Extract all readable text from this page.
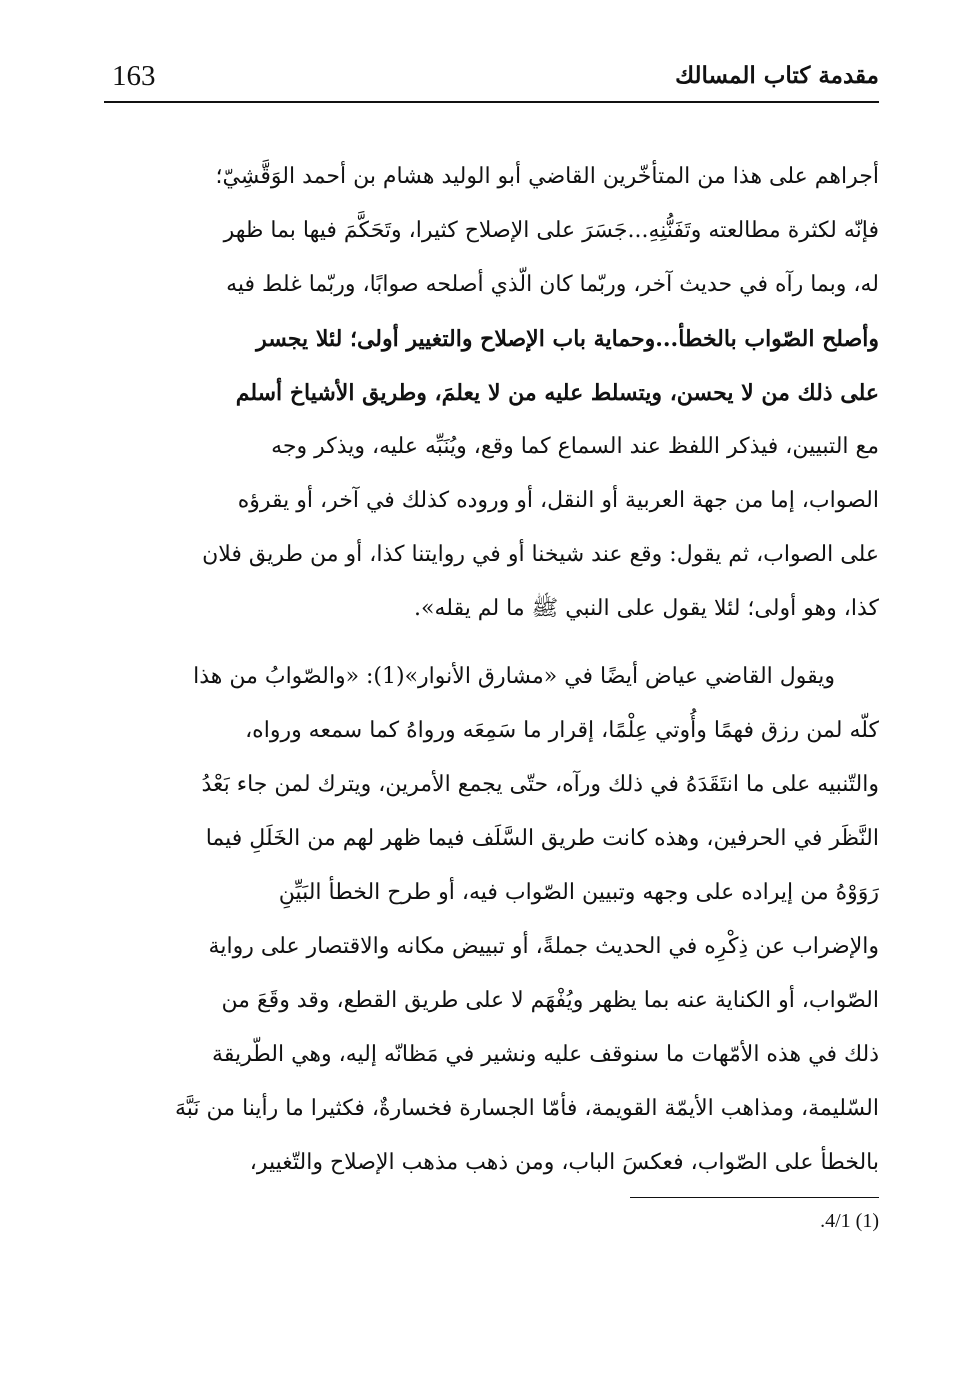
163	مقدمة كتاب المسالك
أجراهم على هذا من المتأخّرين القاضي أبو الوليد هشام بن أحمد الوَقَّشِيّ؛
فإنّه لكثرة مطالعته وتَفَنُّنِهِ...جَسَرَ على الإصلاح كثيرا، وتَحَكَّمَ فيها بما ظهر
له، وبما رآه في حديث آخر، وربّما كان الّذي أصلحه صوابًا، وربّما غلط فيه
وأصلح الصّواب بالخطأ...وحماية باب الإصلاح والتغيير أولى؛ لئلا يجسر
على ذلك من لا يحسن، ويتسلط عليه من لا يعلمَ، وطريق الأشياخ أسلم
مع التبيين، فيذكر اللفظ عند السماع كما وقع، ويُنَبِّه عليه، ويذكر وجه
الصواب، إما من جهة العربية أو النقل، أو وروده كذلك في آخر، أو يقرؤه
على الصواب، ثم يقول: وقع عند شيخنا أو في روايتنا كذا، أو من طريق فلان
كذا، وهو أولى؛ لئلا يقول على النبي ﷺ ما لم يقله».
ويقول القاضي عياض أيضًا في «مشارق الأنوار»(1): «والصّوابُ من هذا
كلّه لمن رزق فهمًا وأُوتي عِلْمًا، إقرار ما سَمِعَه ورواهُ كما سمعه ورواه،
والتّنبيه على ما انتَقَدَهُ في ذلك ورآه، حتّى يجمع الأمرين، ويترك لمن جاء بَعْدُ
النَّظَر في الحرفين، وهذه كانت طريق السَّلَف فيما ظهر لهم من الخَلَلِ فيما
رَوَوْهُ من إيراده على وجهه وتبيين الصّواب فيه، أو طرح الخطأ البَيِّنِ
والإضراب عن ذِكْرِه في الحديث جملةً، أو تبييض مكانه والاقتصار على رواية
الصّواب، أو الكناية عنه بما يظهر ويُفْهَم لا على طريق القطع، وقد وقَعَ من
ذلك في هذه الأمّهات ما سنوقف عليه ونشير في مَظانّه إليه، وهي الطّريقة
السّليمة، ومذاهب الأيمّة القويمة، فأمّا الجسارة فخسارةٌ، فكثيرا ما رأينا من نَبَّهَ
بالخطأ على الصّواب، فعكسَ الباب، ومن ذهب مذهب الإصلاح والتّغيير،
(1) 4/1.
